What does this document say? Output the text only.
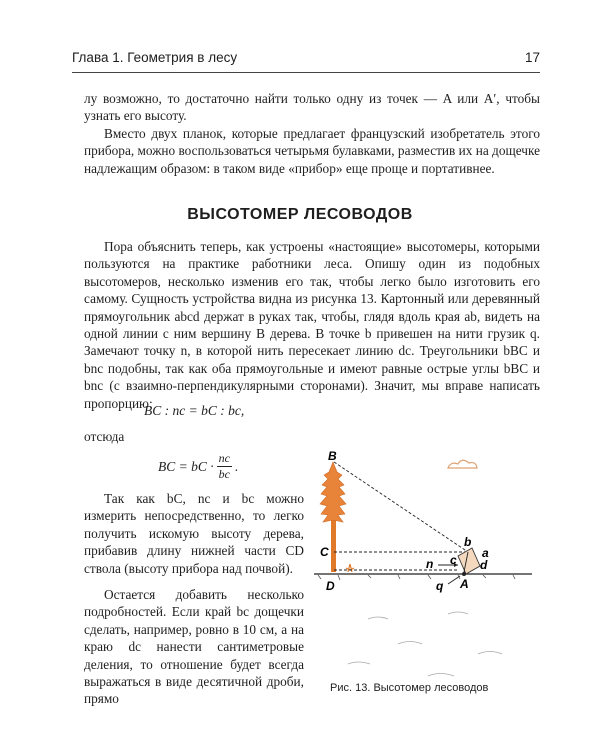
Глава 1. Геометрия в лесу	17

лу возможно, то достаточно найти только одну из точек — A или A′, чтобы узнать его высоту.

Вместо двух планок, которые предлагает французский изобретатель этого прибора, можно воспользоваться четырьмя булавками, разместив их на дощечке надлежащим образом: в таком виде «прибор» еще проще и портативнее.

ВЫСОТОМЕР ЛЕСОВОДОВ

Пора объяснить теперь, как устроены «настоящие» высотомеры, которыми пользуются на практике работники леса. Опишу один из подобных высотомеров, несколько изменив его так, чтобы легко было изготовить его самому. Сущность устройства видна из рисунка 13. Картонный или деревянный прямоугольник abcd держат в руках так, чтобы, глядя вдоль края ab, видеть на одной линии с ним вершину B дерева. В точке b привешен на нити грузик q. Замечают точку n, в которой нить пересекает линию dc. Треугольники bBC и bnc подобны, так как оба прямоугольные и имеют равные острые углы bBC и bnc (с взаимно-перпендикулярными сторонами). Значит, мы вправе написать пропорцию:

BC : nc = bC : bc,
отсюда
BC = bC · $\frac{nc}{bc}$ .

Так как bC, nc и bc можно измерить непосредственно, то легко получить искомую высоту дерева, прибавив длину нижней части CD ствола (высоту прибора над почвой).

Остается добавить несколько подробностей. Если край bc дощечки сделать, например, ровно в 10 см, а на краю dc нанести сантиметровые деления, то отношение будет всегда выражаться в виде десятичной дроби, прямо

B
C
D
b
c a
d
n
q A
Рис. 13. Высотомер лесоводов
